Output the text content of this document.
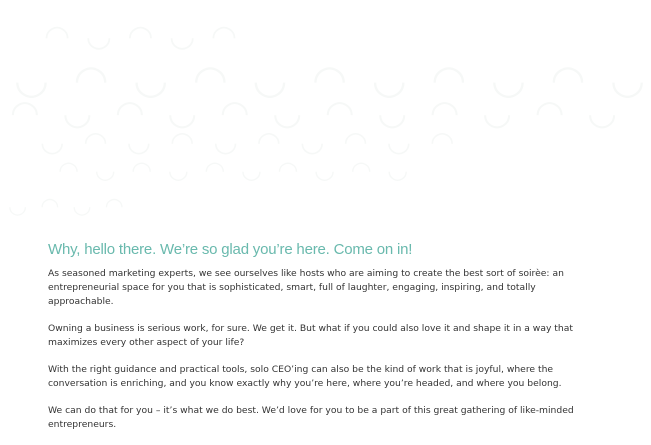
◠ ◡ ◠ ◡ ◠
◡ ◠ ◡ ◠ ◡ ◠ ◡ ◠ ◡ ◠ ◡
◠ ◡ ◠ ◡ ◠ ◡ ◠ ◡ ◠ ◡ ◠ ◡
◡ ◠ ◡ ◠ ◡ ◠ ◡ ◠ ◡ ◠
◠ ◡ ◠ ◡ ◠ ◡ ◠ ◡ ◠ ◡
◡ ◠ ◡ ◠
Why, hello there. We’re so glad you’re here. Come on in!

As seasoned marketing experts, we see ourselves like hosts who are aiming to create the best sort of soirèe: an entrepreneurial space for you that is sophisticated, smart, full of laughter, engaging, inspiring, and totally approachable.

Owning a business is serious work, for sure. We get it. But what if you could also love it and shape it in a way that maximizes every other aspect of your life?

With the right guidance and practical tools, solo CEO’ing can also be the kind of work that is joyful, where the conversation is enriching, and you know exactly why you’re here, where you’re headed, and where you belong.

We can do that for you – it’s what we do best. We’d love for you to be a part of this great gathering of like-minded entrepreneurs.
